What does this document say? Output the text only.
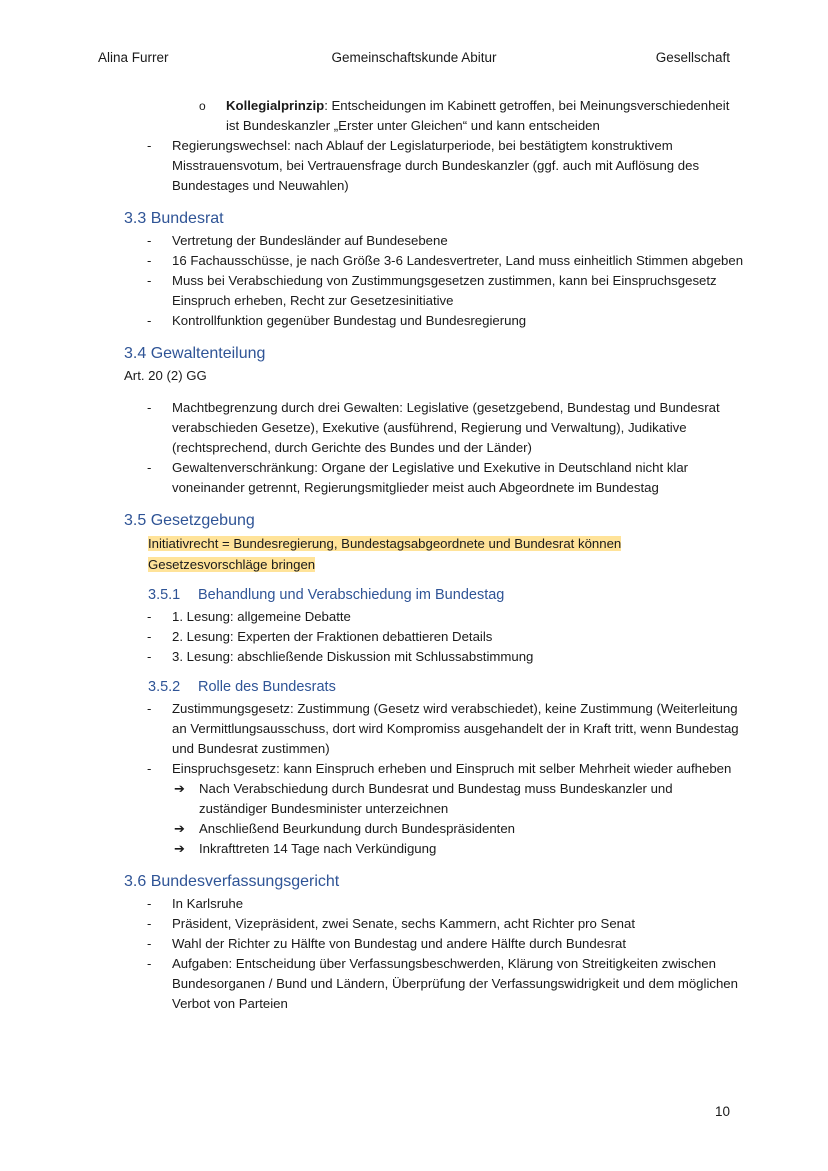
Alina Furrer	Gemeinschaftskunde Abitur	Gesellschaft
o Kollegialprinzip: Entscheidungen im Kabinett getroffen, bei Meinungsverschiedenheit ist Bundeskanzler „Erster unter Gleichen“ und kann entscheiden
- Regierungswechsel: nach Ablauf der Legislaturperiode, bei bestätigtem konstruktivem Misstrauensvotum, bei Vertrauensfrage durch Bundeskanzler (ggf. auch mit Auflösung des Bundestages und Neuwahlen)
3.3 Bundesrat
- Vertretung der Bundesländer auf Bundesebene
- 16 Fachausschüsse, je nach Größe 3-6 Landesvertreter, Land muss einheitlich Stimmen abgeben
- Muss bei Verabschiedung von Zustimmungsgesetzen zustimmen, kann bei Einspruchsgesetz Einspruch erheben, Recht zur Gesetzesinitiative
- Kontrollfunktion gegenüber Bundestag und Bundesregierung
3.4 Gewaltenteilung

Art. 20 (2) GG

- Machtbegrenzung durch drei Gewalten: Legislative (gesetzgebend, Bundestag und Bundesrat verabschieden Gesetze), Exekutive (ausführend, Regierung und Verwaltung), Judikative (rechtsprechend, durch Gerichte des Bundes und der Länder)
- Gewaltenverschränkung: Organe der Legislative und Exekutive in Deutschland nicht klar voneinander getrennt, Regierungsmitglieder meist auch Abgeordnete im Bundestag
3.5 Gesetzgebung
Initiativrecht = Bundesregierung, Bundestagsabgeordnete und Bundesrat können Gesetzesvorschläge bringen
3.5.1 Behandlung und Verabschiedung im Bundestag
- 1. Lesung: allgemeine Debatte
- 2. Lesung: Experten der Fraktionen debattieren Details
- 3. Lesung: abschließende Diskussion mit Schlussabstimmung
3.5.2 Rolle des Bundesrats
- Zustimmungsgesetz: Zustimmung (Gesetz wird verabschiedet), keine Zustimmung (Weiterleitung an Vermittlungsausschuss, dort wird Kompromiss ausgehandelt der in Kraft tritt, wenn Bundestag und Bundesrat zustimmen)
- Einspruchsgesetz: kann Einspruch erheben und Einspruch mit selber Mehrheit wieder aufheben
➔ Nach Verabschiedung durch Bundesrat und Bundestag muss Bundeskanzler und zuständiger Bundesminister unterzeichnen
➔ Anschließend Beurkundung durch Bundespräsidenten
➔ Inkrafttreten 14 Tage nach Verkündigung
3.6 Bundesverfassungsgericht
- In Karlsruhe
- Präsident, Vizepräsident, zwei Senate, sechs Kammern, acht Richter pro Senat
- Wahl der Richter zu Hälfte von Bundestag und andere Hälfte durch Bundesrat
- Aufgaben: Entscheidung über Verfassungsbeschwerden, Klärung von Streitigkeiten zwischen Bundesorganen / Bund und Ländern, Überprüfung der Verfassungswidrigkeit und dem möglichen Verbot von Parteien
10
